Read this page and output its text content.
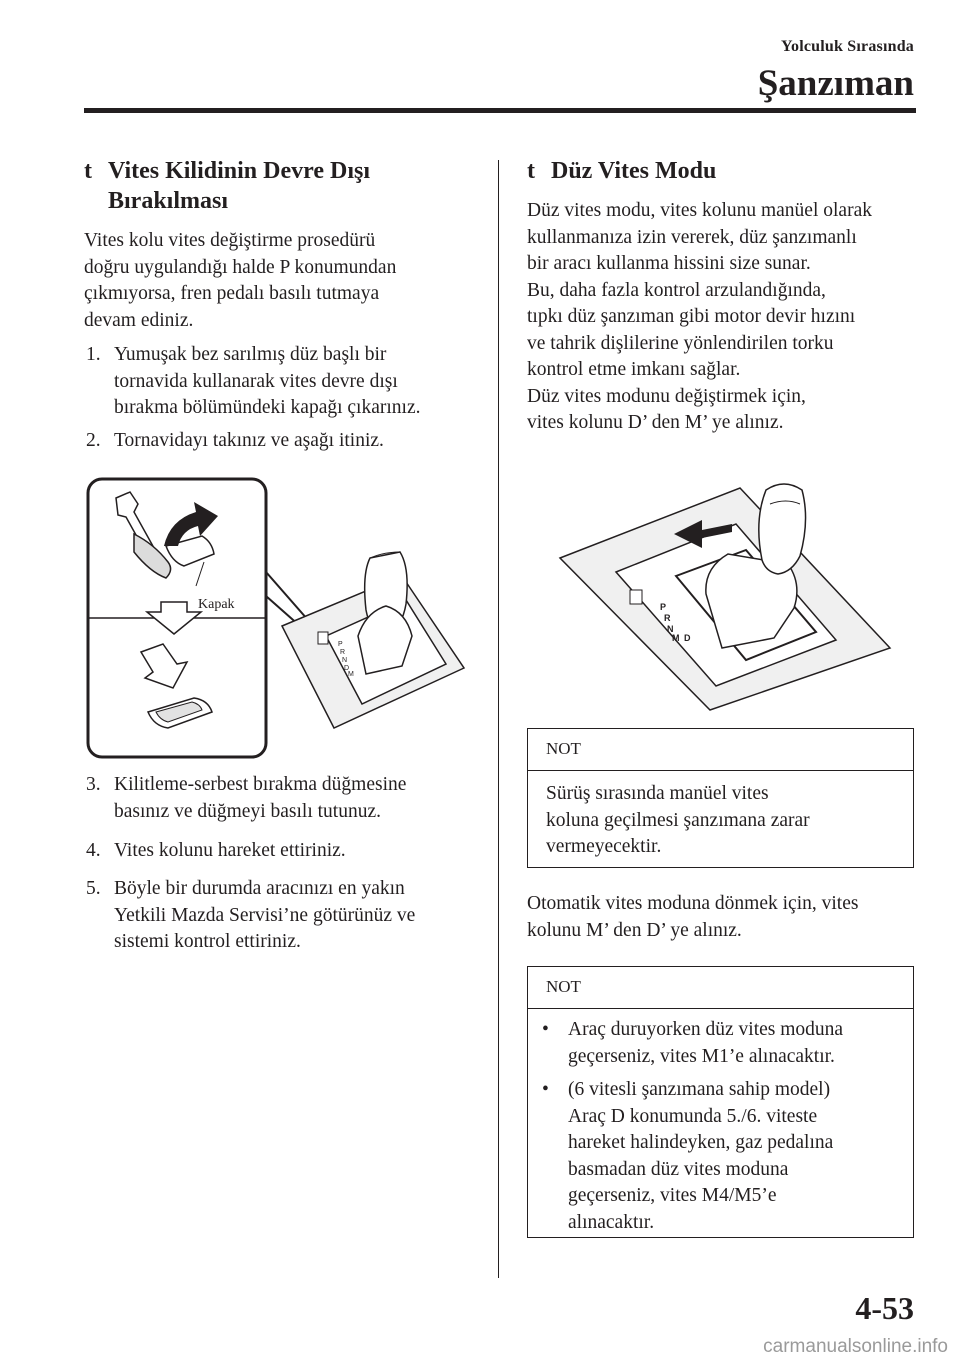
Yolculuk Sırasında
Şanzıman
t Vites Kilidinin Devre Dışı
Bırakılması
Vites kolu vites değiştirme prosedürü
doğru uygulandığı halde P konumundan
çıkmıyorsa, fren pedalı basılı tutmaya
devam ediniz.
1. Yumuşak bez sarılmış düz başlı bir
tornavida kullanarak vites devre dışı
bırakma bölümündeki kapağı çıkarınız.
2. Tornavidayı takınız ve aşağı itiniz.
Kapak
P
R
N
D
M
3. Kilitleme-serbest bırakma düğmesine
basınız ve düğmeyi basılı tutunuz.
4. Vites kolunu hareket ettiriniz.
5. Böyle bir durumda aracınızı en yakın
Yetkili Mazda Servisi’ne götürünüz ve
sistemi kontrol ettiriniz.
t Düz Vites Modu
Düz vites modu, vites kolunu manüel olarak
kullanmanıza izin vererek, düz şanzımanlı
bir aracı kullanma hissini size sunar.
Bu, daha fazla kontrol arzulandığında,
tıpkı düz şanzıman gibi motor devir hızını
ve tahrik dişlilerine yönlendirilen torku
kontrol etme imkanı sağlar.
Düz vites modunu değiştirmek için,
vites kolunu D’ den M’ ye alınız.
P
R
N
D
M
NOT
Sürüş sırasında manüel vites
koluna geçilmesi şanzımana zarar
vermeyecektir.
Otomatik vites moduna dönmek için, vites
kolunu M’ den D’ ye alınız.
NOT
• Araç duruyorken düz vites moduna
geçerseniz, vites M1’e alınacaktır.
• (6 vitesli şanzımana sahip model)
Araç D konumunda 5./6. viteste
hareket halindeyken, gaz pedalına
basmadan düz vites moduna
geçerseniz, vites M4/M5’e
alınacaktır.
4-53
carmanualsonline.info
